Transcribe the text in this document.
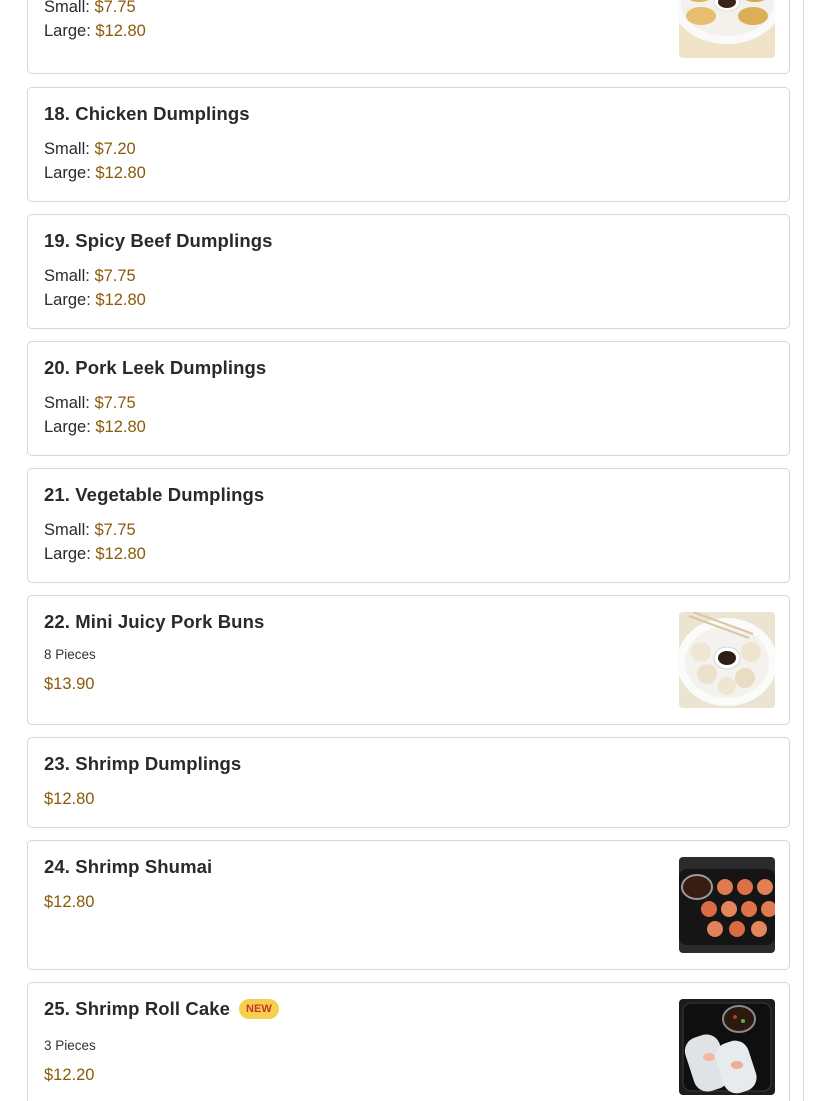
Small: $7.75
Large: $12.80
18. Chicken Dumplings
Small: $7.20
Large: $12.80
19. Spicy Beef Dumplings
Small: $7.75
Large: $12.80
20. Pork Leek Dumplings
Small: $7.75
Large: $12.80
21. Vegetable Dumplings
Small: $7.75
Large: $12.80
22. Mini Juicy Pork Buns
8 Pieces
$13.90
23. Shrimp Dumplings
$12.80
24. Shrimp Shumai
$12.80
25. Shrimp Roll Cake	NEW
3 Pieces
$12.20
